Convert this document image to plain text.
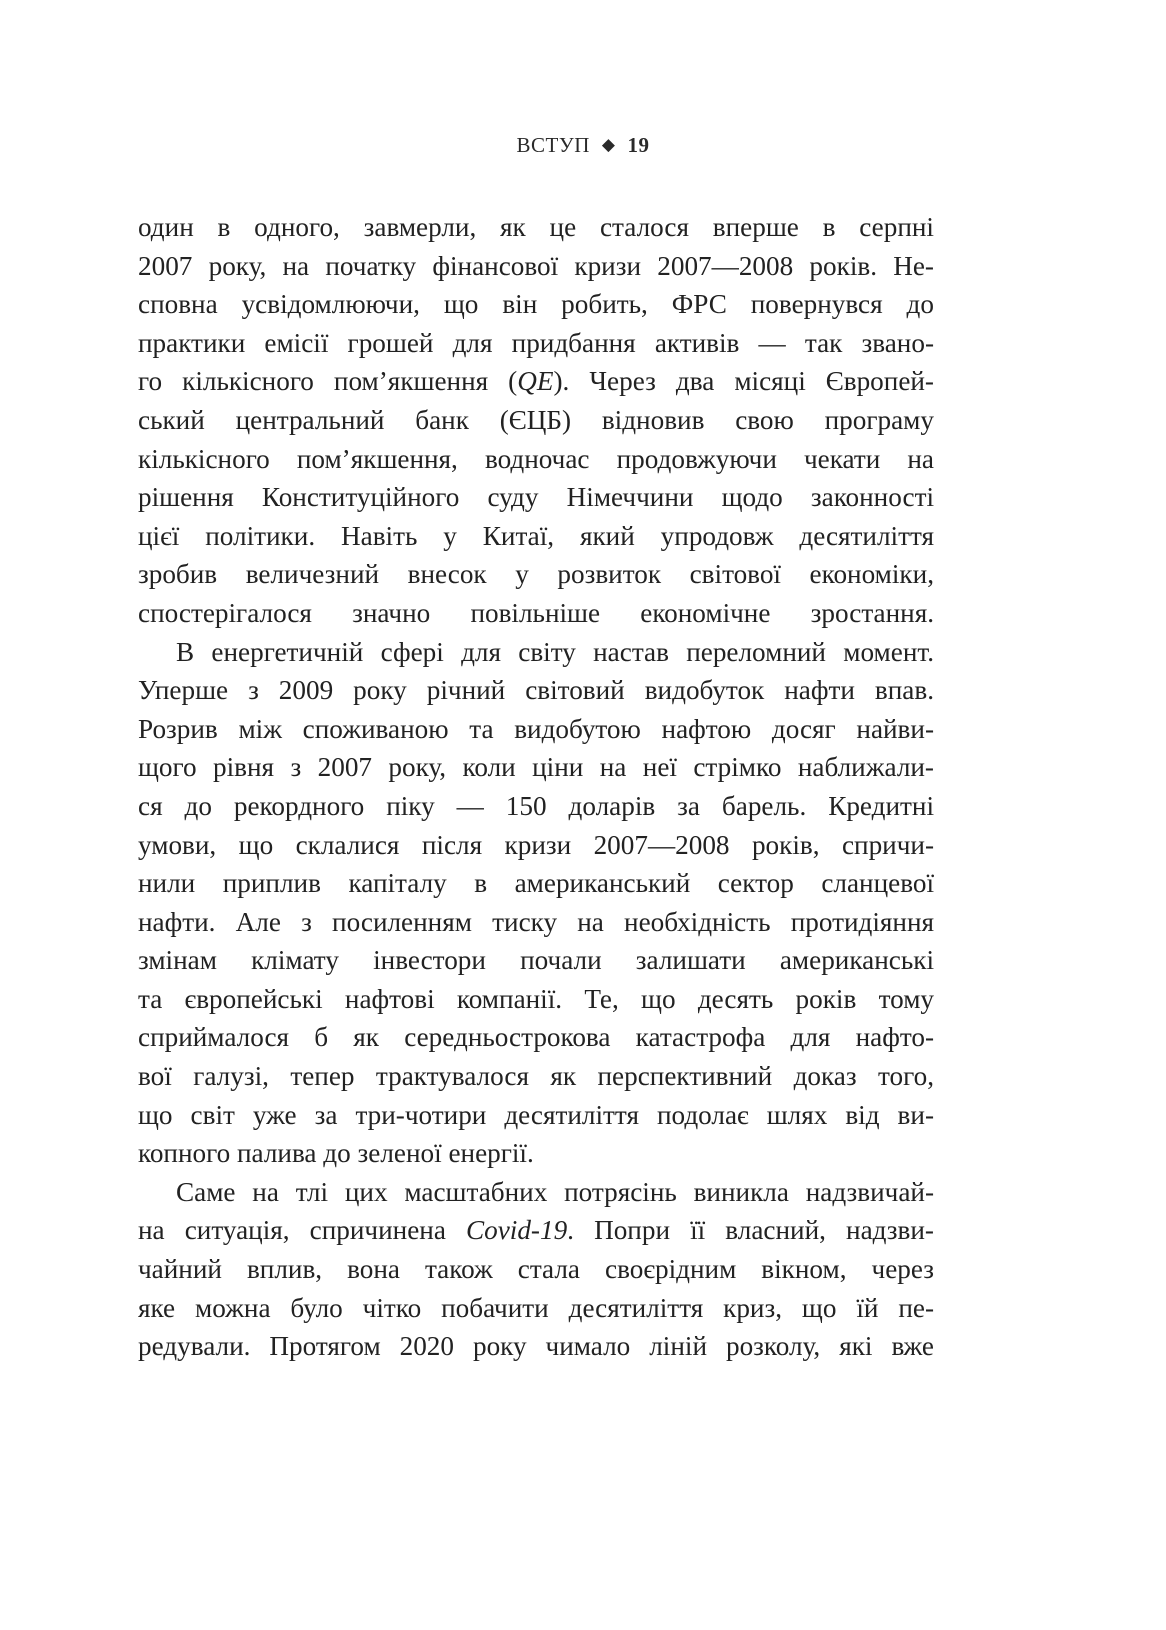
ВСТУП ◆ 19
один в одного, завмерли, як це сталося вперше в серпні
2007 року, на початку фінансової кризи 2007—2008 років. Не-
сповна усвідомлюючи, що він робить, ФРС повернувся до
практики емісії грошей для придбання активів — так звано-
го кількісного пом’якшення (QE). Через два місяці Європей-
ський центральний банк (ЄЦБ) відновив свою програму
кількісного пом’якшення, водночас продовжуючи чекати на
рішення Конституційного суду Німеччини щодо законності
цієї політики. Навіть у Китаї, який упродовж десятиліття
зробив величезний внесок у розвиток світової економіки,
спостерігалося значно повільніше економічне зростання.
В енергетичній сфері для світу настав переломний момент.
Уперше з 2009 року річний світовий видобуток нафти впав.
Розрив між споживаною та видобутою нафтою досяг найви-
щого рівня з 2007 року, коли ціни на неї стрімко наближали-
ся до рекордного піку — 150 доларів за барель. Кредитні
умови, що склалися після кризи 2007—2008 років, спричи-
нили приплив капіталу в американський сектор сланцевої
нафти. Але з посиленням тиску на необхідність протидіяння
змінам клімату інвестори почали залишати американські
та європейські нафтові компанії. Те, що десять років тому
сприймалося б як середньострокова катастрофа для нафто-
вої галузі, тепер трактувалося як перспективний доказ того,
що світ уже за три-чотири десятиліття подолає шлях від ви-
копного палива до зеленої енергії.
Саме на тлі цих масштабних потрясінь виникла надзвичай-
на ситуація, спричинена Covid-19. Попри її власний, надзви-
чайний вплив, вона також стала своєрідним вікном, через
яке можна було чітко побачити десятиліття криз, що їй пе-
редували. Протягом 2020 року чимало ліній розколу, які вже
